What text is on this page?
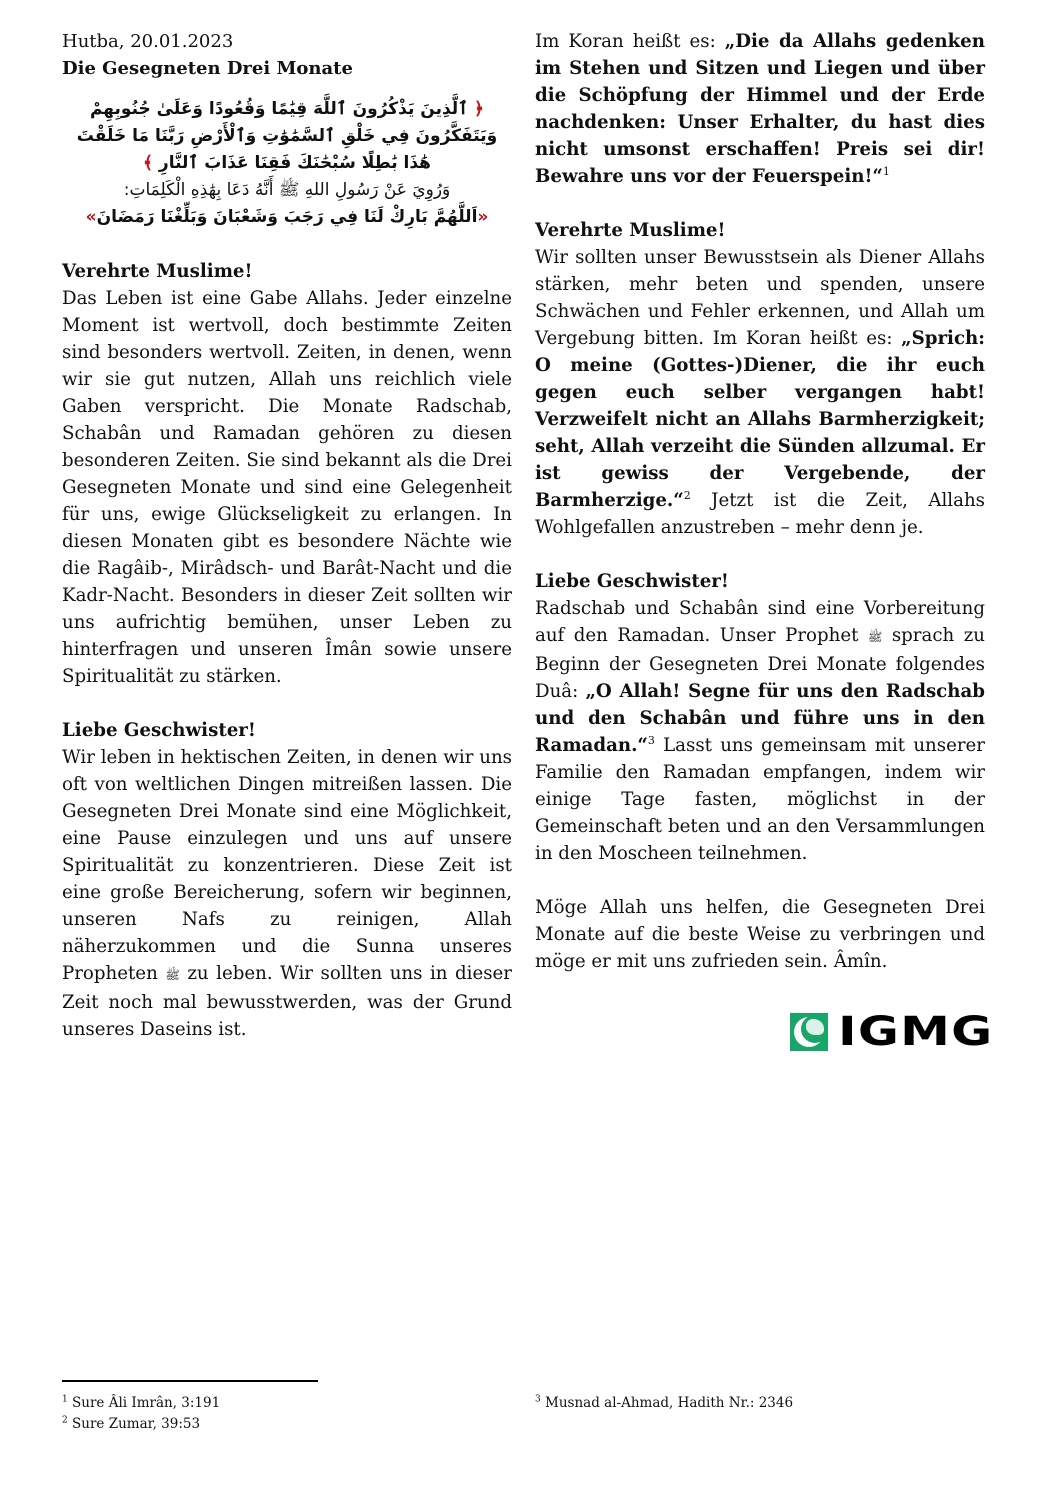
Hutba, 20.01.2023
Die Gesegneten Drei Monate
﴿ ٱلَّذِينَ يَذْكُرُونَ ٱللَّهَ قِيَٰمًا وَقُعُودًا وَعَلَىٰ جُنُوبِهِمْ وَيَتَفَكَّرُونَ فِي خَلْقِ ٱلسَّمَٰوَٰتِ وَٱلْأَرْضِ رَبَّنَا مَا خَلَقْتَ هَٰذَا بَٰطِلًا سُبْحَٰنَكَ فَقِنَا عَذَابَ ٱلنَّارِ ﴾
وَرُوِيَ عَنْ رَسُولِ اللهِ ﷺ أَنَّهُ دَعَا بِهَٰذِهِ الْكَلِمَاتِ:
«اَللَّهُمَّ بَارِكْ لَنَا فِي رَجَبَ وَشَعْبَانَ وَبَلِّغْنَا رَمَضَانَ»
Verehrte Muslime!
Das Leben ist eine Gabe Allahs. Jeder einzelne Moment ist wertvoll, doch bestimmte Zeiten sind besonders wertvoll. Zeiten, in denen, wenn wir sie gut nutzen, Allah uns reichlich viele Gaben verspricht. Die Monate Radschab, Schabân und Ramadan gehören zu diesen besonderen Zeiten. Sie sind bekannt als die Drei Gesegneten Monate und sind eine Gelegenheit für uns, ewige Glückseligkeit zu erlangen. In diesen Monaten gibt es besondere Nächte wie die Ragâib-, Mirâdsch- und Barât-Nacht und die Kadr-Nacht. Besonders in dieser Zeit sollten wir uns aufrichtig bemühen, unser Leben zu hinterfragen und unseren Îmân sowie unsere Spiritualität zu stärken.
Liebe Geschwister!
Wir leben in hektischen Zeiten, in denen wir uns oft von weltlichen Dingen mitreißen lassen. Die Gesegneten Drei Monate sind eine Möglichkeit, eine Pause einzulegen und uns auf unsere Spiritualität zu konzentrieren. Diese Zeit ist eine große Bereicherung, sofern wir beginnen, unseren Nafs zu reinigen, Allah näherzukommen und die Sunna unseres Propheten ﷺ zu leben. Wir sollten uns in dieser Zeit noch mal bewusstwerden, was der Grund unseres Daseins ist.
Im Koran heißt es: „Die da Allahs gedenken im Stehen und Sitzen und Liegen und über die Schöpfung der Himmel und der Erde nachdenken: Unser Erhalter, du hast dies nicht umsonst erschaffen! Preis sei dir! Bewahre uns vor der Feuerspein!“$^1$
Verehrte Muslime!
Wir sollten unser Bewusstsein als Diener Allahs stärken, mehr beten und spenden, unsere Schwächen und Fehler erkennen, und Allah um Vergebung bitten. Im Koran heißt es: „Sprich: O meine (Gottes-)Diener, die ihr euch gegen euch selber vergangen habt! Verzweifelt nicht an Allahs Barmherzigkeit; seht, Allah verzeiht die Sünden allzumal. Er ist gewiss der Vergebende, der Barmherzige.“$^2$ Jetzt ist die Zeit, Allahs Wohlgefallen anzustreben – mehr denn je.
Liebe Geschwister!
Radschab und Schabân sind eine Vorbereitung auf den Ramadan. Unser Prophet ﷺ sprach zu Beginn der Gesegneten Drei Monate folgendes Duâ: „O Allah! Segne für uns den Radschab und den Schabân und führe uns in den Ramadan.“$^3$ Lasst uns gemeinsam mit unserer Familie den Ramadan empfangen, indem wir einige Tage fasten, möglichst in der Gemeinschaft beten und an den Versammlungen in den Moscheen teilnehmen.
Möge Allah uns helfen, die Gesegneten Drei Monate auf die beste Weise zu verbringen und möge er mit uns zufrieden sein. Âmîn.
IGMG
$^1$ Sure Âli Imrân, 3:191
$^2$ Sure Zumar, 39:53
$^3$ Musnad al-Ahmad, Hadith Nr.: 2346
